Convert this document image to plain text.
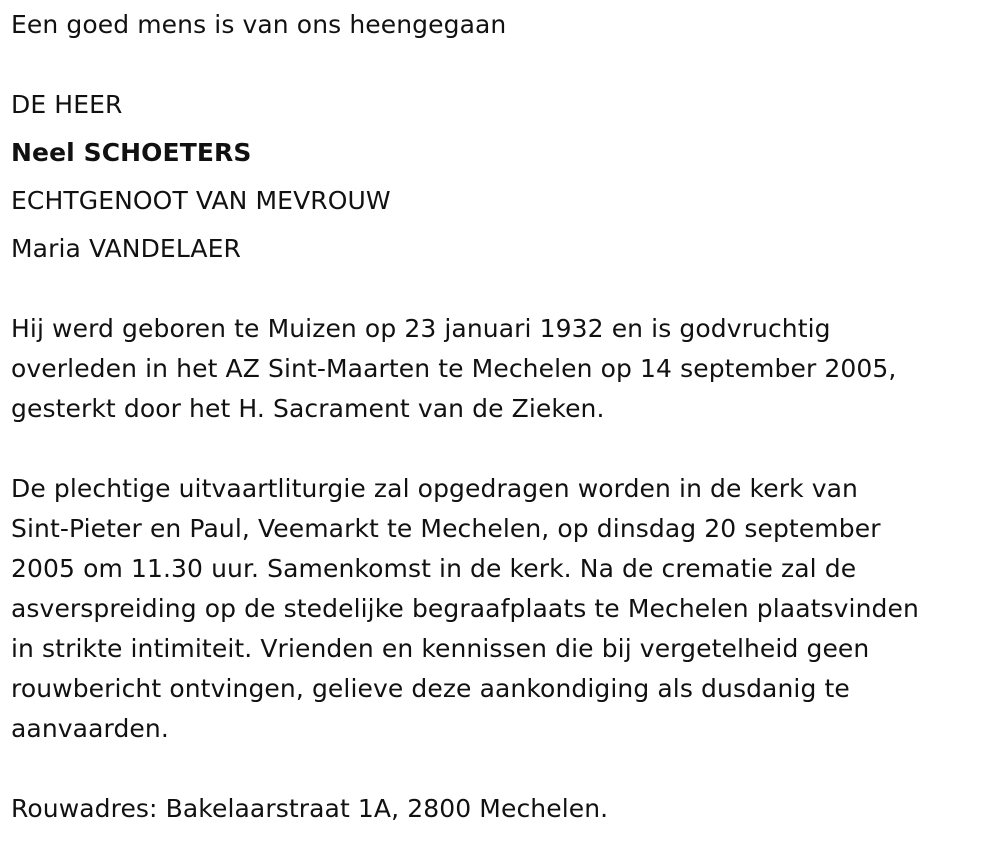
Een goed mens is van ons heengegaan
DE HEER
Neel SCHOETERS
ECHTGENOOT VAN MEVROUW
Maria VANDELAER
Hij werd geboren te Muizen op 23 januari 1932 en is godvruchtig
overleden in het AZ Sint-Maarten te Mechelen op 14 september 2005,
gesterkt door het H. Sacrament van de Zieken.
De plechtige uitvaartliturgie zal opgedragen worden in de kerk van
Sint-Pieter en Paul, Veemarkt te Mechelen, op dinsdag 20 september
2005 om 11.30 uur. Samenkomst in de kerk. Na de crematie zal de
asverspreiding op de stedelijke begraafplaats te Mechelen plaatsvinden
in strikte intimiteit. Vrienden en kennissen die bij vergetelheid geen
rouwbericht ontvingen, gelieve deze aankondiging als dusdanig te
aanvaarden.
Rouwadres: Bakelaarstraat 1A, 2800 Mechelen.
